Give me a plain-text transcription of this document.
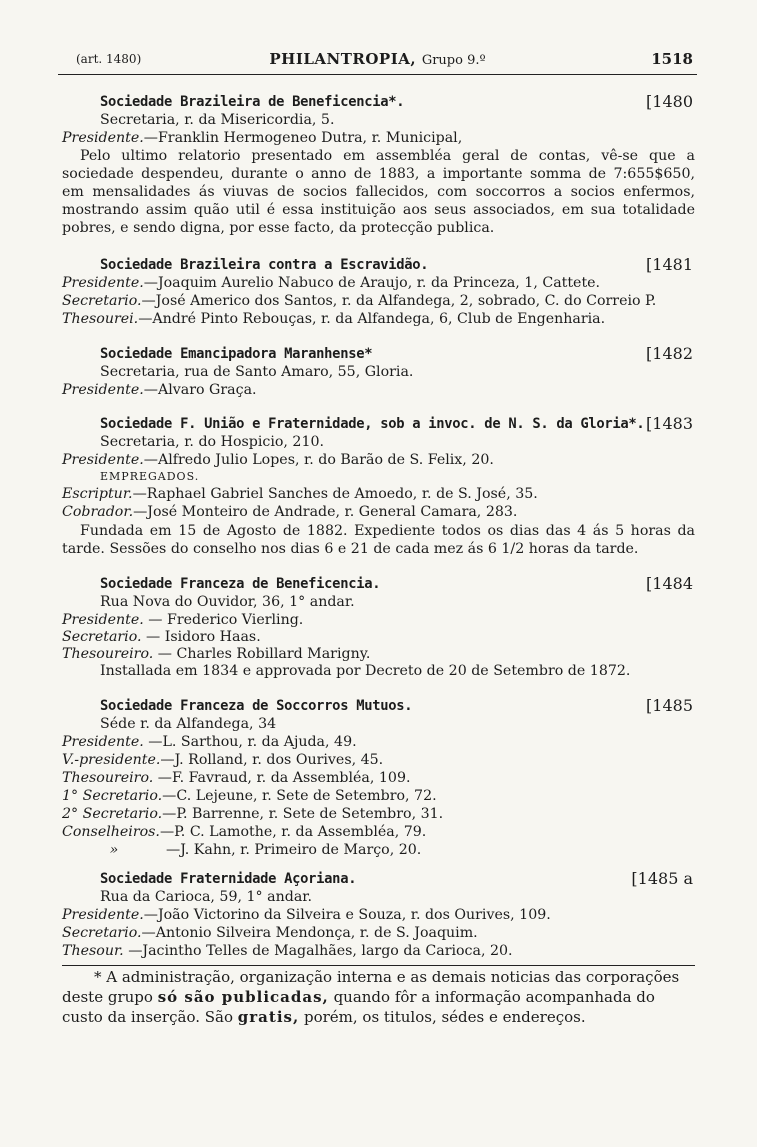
(art. 1480)	PHILANTROPIA, Grupo 9.º	1518
Sociedade Brazileira de Beneficencia*.	[1480
Secretaria, r. da Misericordia, 5.
Presidente.—Franklin Hermogeneo Dutra, r. Municipal,
Pelo ultimo relatorio presentado em assembléa geral de contas, vê-se que a
sociedade despendeu, durante o anno de 1883, a importante somma de 7:655$650,
em mensalidades ás viuvas de socios fallecidos, com soccorros a socios enfermos,
mostrando assim quão util é essa instituição aos seus associados, em sua totalidade
pobres, e sendo digna, por esse facto, da protecção publica.
Sociedade Brazileira contra a Escravidão.	[1481
Presidente.—Joaquim Aurelio Nabuco de Araujo, r. da Princeza, 1, Cattete.
Secretario.—José Americo dos Santos, r. da Alfandega, 2, sobrado, C. do Correio P.
Thesourei.—André Pinto Rebouças, r. da Alfandega, 6, Club de Engenharia.
Sociedade Emancipadora Maranhense*	[1482
Secretaria, rua de Santo Amaro, 55, Gloria.
Presidente.—Alvaro Graça.
Sociedade F. União e Fraternidade, sob a invoc. de N. S. da Gloria*. [1483
Secretaria, r. do Hospicio, 210.
Presidente.—Alfredo Julio Lopes, r. do Barão de S. Felix, 20.
EMPREGADOS.
Escriptur.—Raphael Gabriel Sanches de Amoedo, r. de S. José, 35.
Cobrador.—José Monteiro de Andrade, r. General Camara, 283.
Fundada em 15 de Agosto de 1882. Expediente todos os dias das 4 ás 5 horas da
tarde. Sessões do conselho nos dias 6 e 21 de cada mez ás 6 1/2 horas da tarde.
Sociedade Franceza de Beneficencia.	[1484
Rua Nova do Ouvidor, 36, 1° andar.
Presidente. — Frederico Vierling.
Secretario. — Isidoro Haas.
Thesoureiro. — Charles Robillard Marigny.
Installada em 1834 e approvada por Decreto de 20 de Setembro de 1872.
Sociedade Franceza de Soccorros Mutuos.	[1485
Séde r. da Alfandega, 34
Presidente. —L. Sarthou, r. da Ajuda, 49.
V.-presidente.—J. Rolland, r. dos Ourives, 45.
Thesoureiro. —F. Favraud, r. da Assembléa, 109.
1° Secretario.—C. Lejeune, r. Sete de Setembro, 72.
2° Secretario.—P. Barrenne, r. Sete de Setembro, 31.
Conselheiros.—P. C. Lamothe, r. da Assembléa, 79.
»	—J. Kahn, r. Primeiro de Março, 20.
Sociedade Fraternidade Açoriana.	[1485 a
Rua da Carioca, 59, 1° andar.
Presidente.—João Victorino da Silveira e Souza, r. dos Ourives, 109.
Secretario.—Antonio Silveira Mendonça, r. de S. Joaquim.
Thesour. —Jacintho Telles de Magalhães, largo da Carioca, 20.
* A administração, organização interna e as demais noticias das corporações
deste grupo só são publicadas, quando fôr a informação acompanhada do
custo da inserção. São gratis, porém, os titulos, sédes e endereços.
